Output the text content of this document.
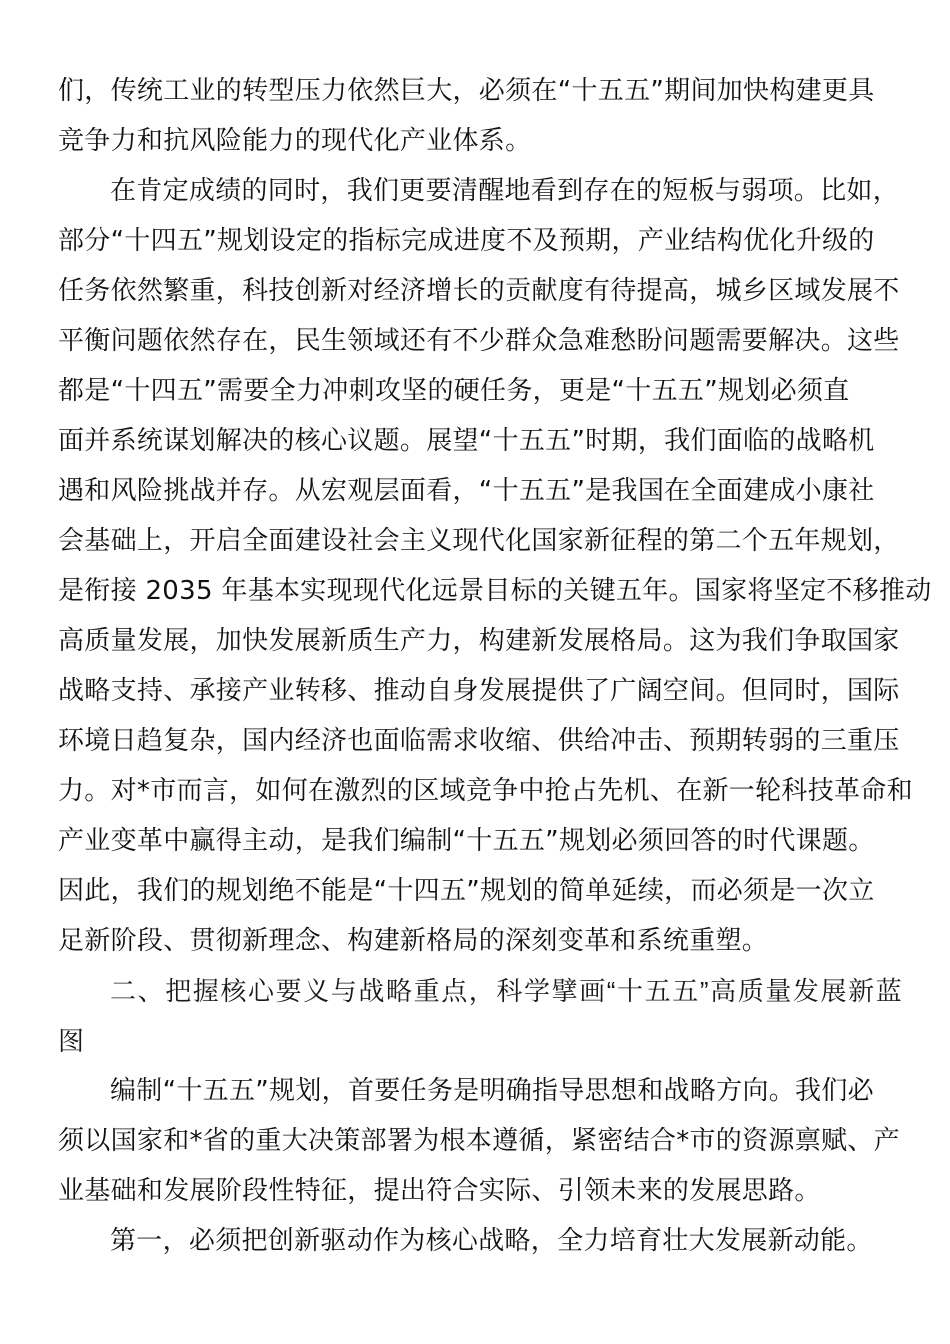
们，传统工业的转型压力依然巨大，必须在“十五五”期间加快构建更具
竞争力和抗风险能力的现代化产业体系。
在肯定成绩的同时，我们更要清醒地看到存在的短板与弱项。比如，
部分“十四五”规划设定的指标完成进度不及预期，产业结构优化升级的
任务依然繁重，科技创新对经济增长的贡献度有待提高，城乡区域发展不
平衡问题依然存在，民生领域还有不少群众急难愁盼问题需要解决。这些
都是“十四五”需要全力冲刺攻坚的硬任务，更是“十五五”规划必须直
面并系统谋划解决的核心议题。展望“十五五”时期，我们面临的战略机
遇和风险挑战并存。从宏观层面看，“十五五”是我国在全面建成小康社
会基础上，开启全面建设社会主义现代化国家新征程的第二个五年规划，
是衔接 2035 年基本实现现代化远景目标的关键五年。国家将坚定不移推动
高质量发展，加快发展新质生产力，构建新发展格局。这为我们争取国家
战略支持、承接产业转移、推动自身发展提供了广阔空间。但同时，国际
环境日趋复杂，国内经济也面临需求收缩、供给冲击、预期转弱的三重压
力。对*市而言，如何在激烈的区域竞争中抢占先机、在新一轮科技革命和
产业变革中赢得主动，是我们编制“十五五”规划必须回答的时代课题。
因此，我们的规划绝不能是“十四五”规划的简单延续，而必须是一次立
足新阶段、贯彻新理念、构建新格局的深刻变革和系统重塑。
二、把握核心要义与战略重点，科学擘画“十五五”高质量发展新蓝
图
编制“十五五”规划，首要任务是明确指导思想和战略方向。我们必
须以国家和*省的重大决策部署为根本遵循，紧密结合*市的资源禀赋、产
业基础和发展阶段性特征，提出符合实际、引领未来的发展思路。
第一，必须把创新驱动作为核心战略，全力培育壮大发展新动能。
